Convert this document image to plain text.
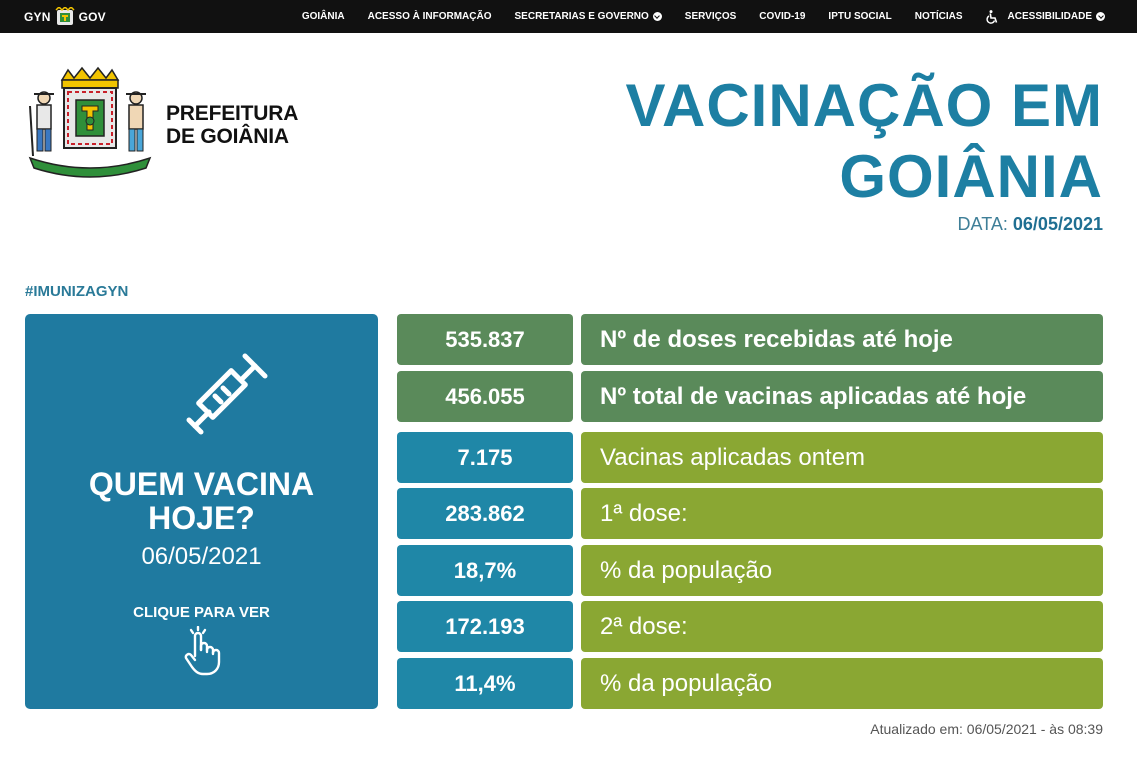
GYN GOV	GOIÂNIA ACESSO À INFORMAÇÃO SECRETARIAS E GOVERNO	SERVIÇOS COVID-19 IPTU SOCIAL NOTÍCIAS	ACESSIBILIDADE
PREFEITURA
DE GOIÂNIA	VACINAÇÃO EM
GOIÂNIA
DATA: 06/05/2021
#IMUNIZAGYN
QUEM VACINA
HOJE?
06/05/2021
CLIQUE PARA VER
535.837	Nº de doses recebidas até hoje
456.055	Nº total de vacinas aplicadas até hoje
7.175	Vacinas aplicadas ontem
283.862	1ª dose:
18,7%	% da população
172.193	2ª dose:
11,4%	% da população
Atualizado em: 06/05/2021 - às 08:39
